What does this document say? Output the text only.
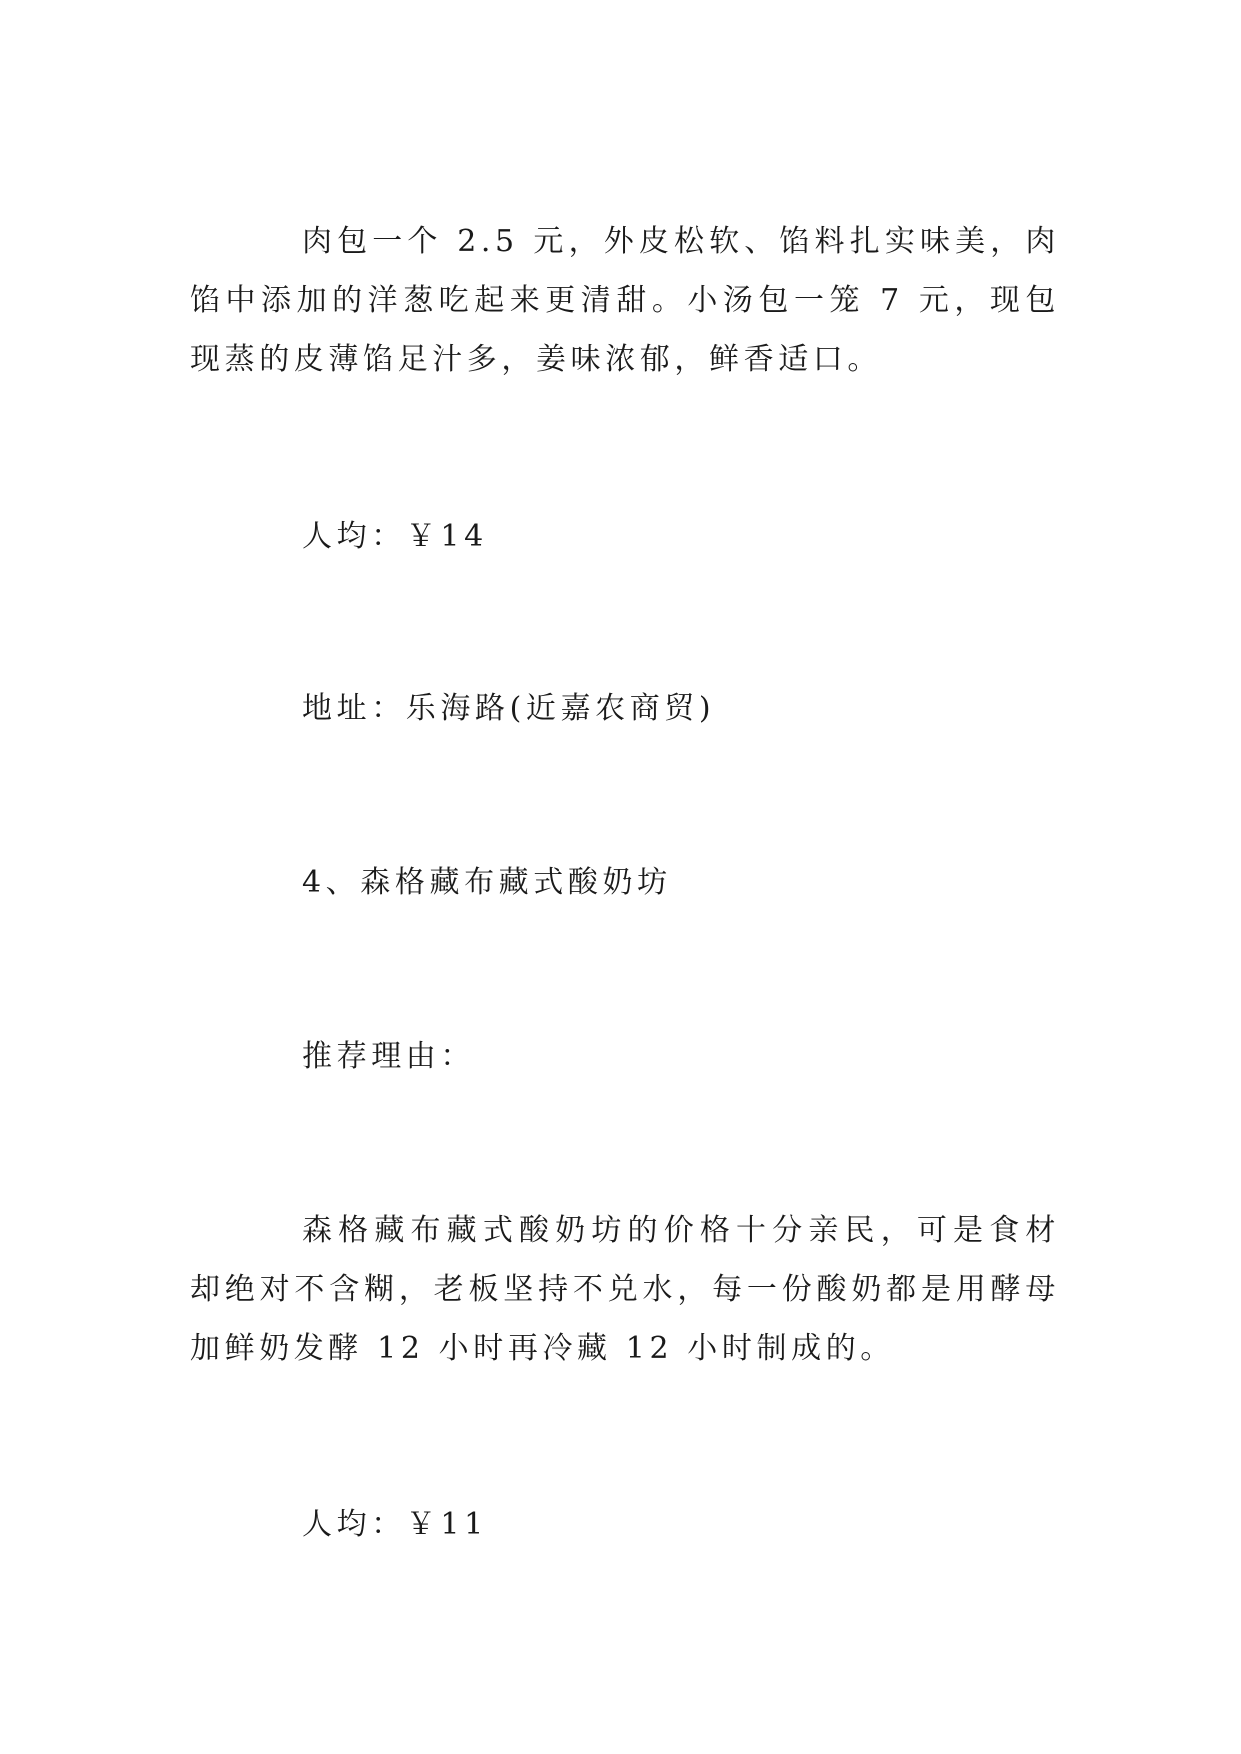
肉包一个 2.5 元，外皮松软、馅料扎实味美，肉馅中添加的洋葱吃起来更清甜。小汤包一笼 7 元，现包现蒸的皮薄馅足汁多，姜味浓郁，鲜香适口。

人均：￥14

地址：乐海路(近嘉农商贸)

4、森格藏布藏式酸奶坊

推荐理由：

森格藏布藏式酸奶坊的价格十分亲民，可是食材却绝对不含糊，老板坚持不兑水，每一份酸奶都是用酵母加鲜奶发酵 12 小时再冷藏 12 小时制成的。

人均：￥11
